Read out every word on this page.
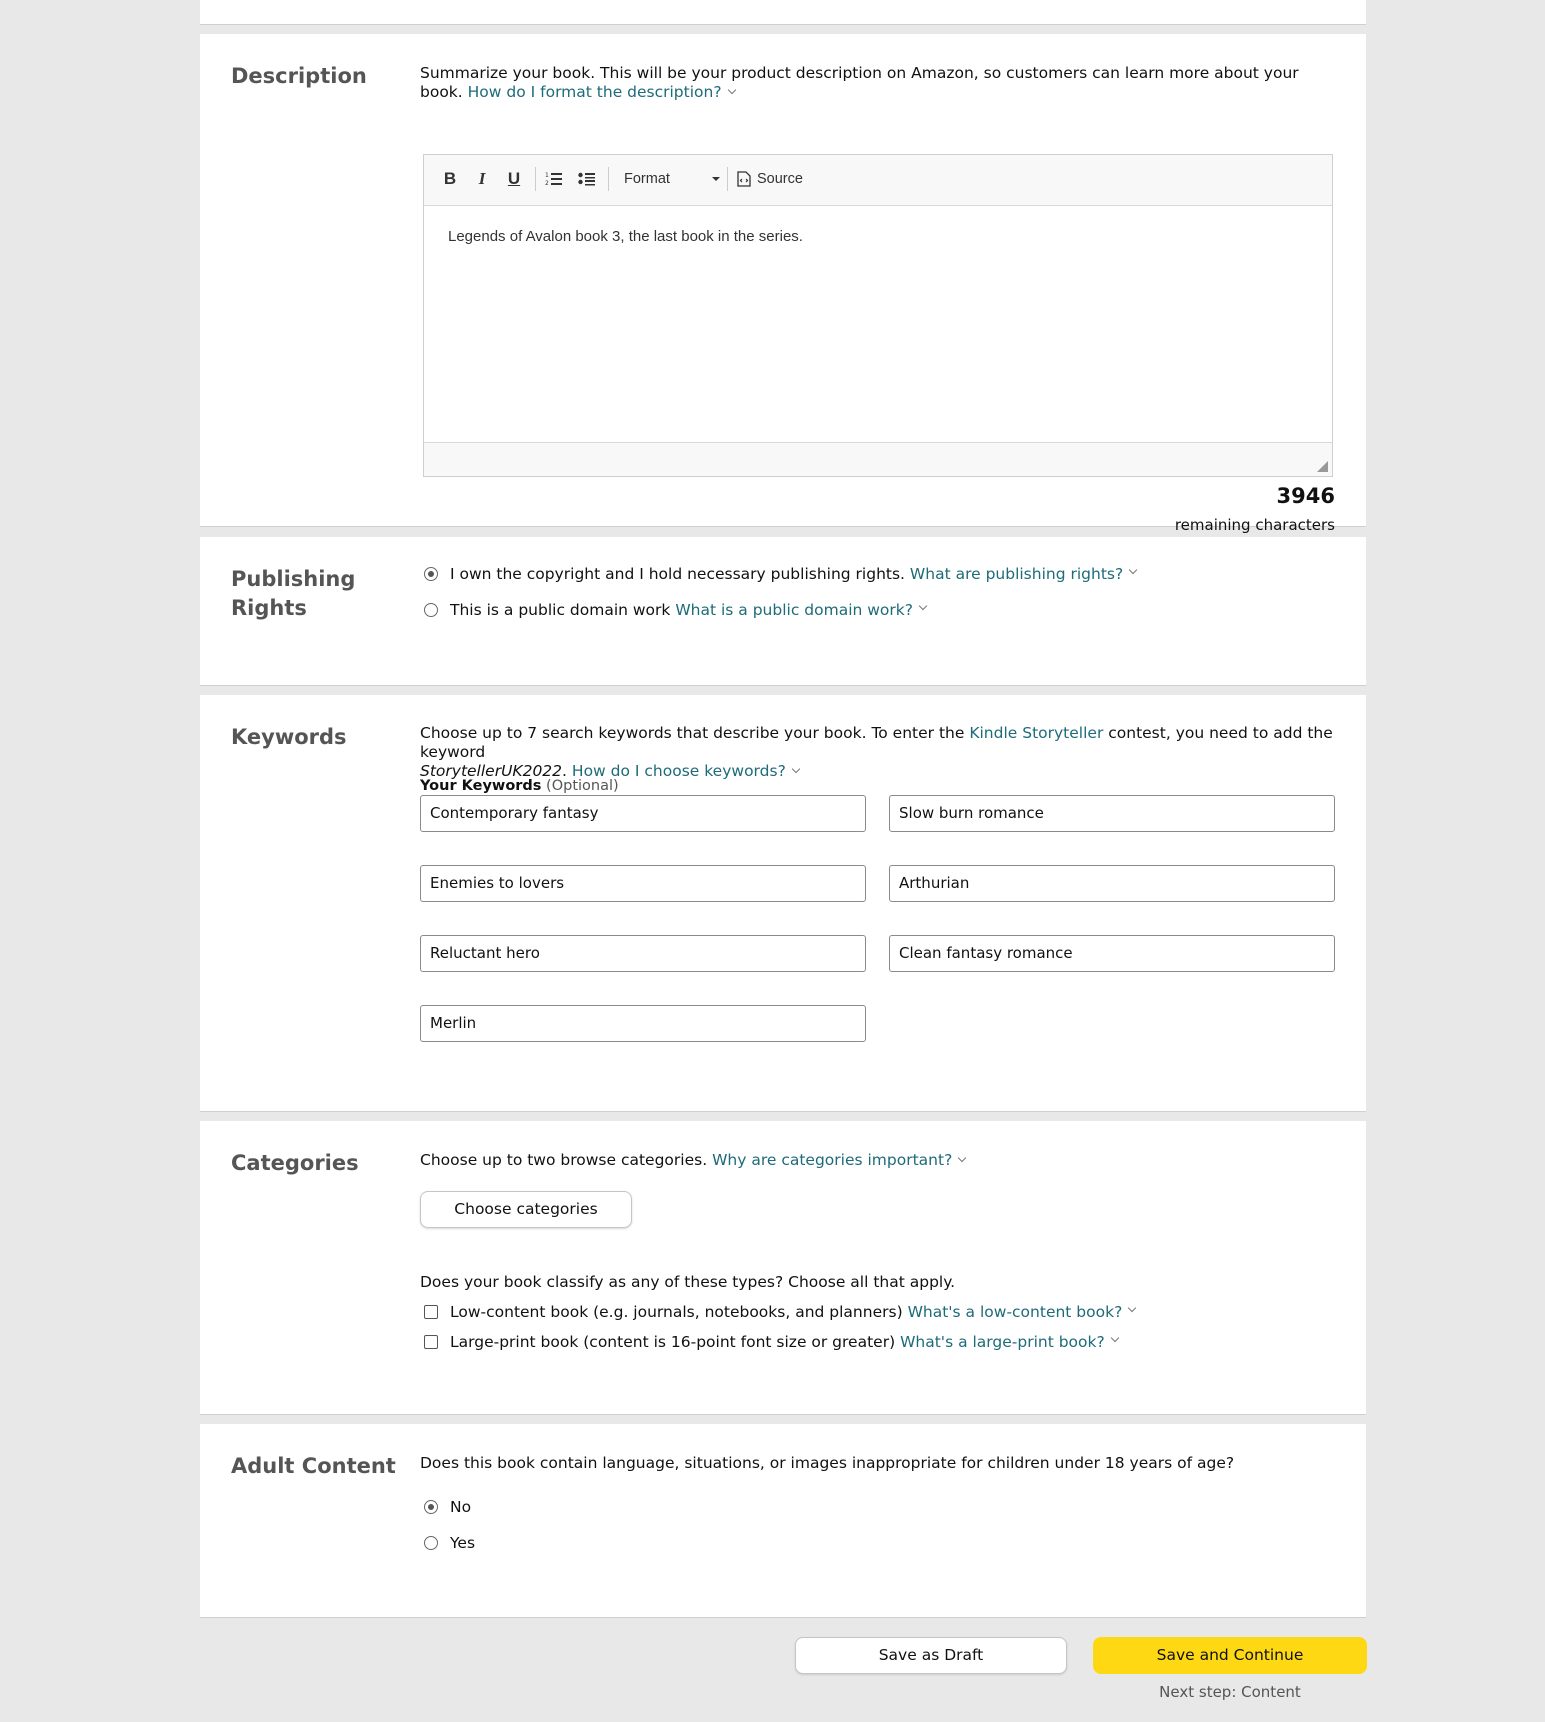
Description	Summarize your book. This will be your product description on Amazon, so customers can learn more about your book. How do I format the description?

B I U	1
2	Format	Source
Legends of Avalon book 3, the last book in the series.
3946
remaining characters
Publishing Rights
I own the copyright and I hold necessary publishing rights.
What are publishing rights?
This is a public domain work
What is a public domain work?
Keywords	Choose up to 7 search keywords that describe your book. To enter the Kindle Storyteller contest, you need to add the keyword
StorytellerUK2022. How do I choose keywords?

Your Keywords (Optional)
Contemporary fantasy	Slow burn romance
Enemies to lovers	Arthurian
Reluctant hero	Clean fantasy romance
Merlin
Categories	Choose up to two browse categories. Why are categories important?

Choose categories

Does your book classify as any of these types? Choose all that apply.

Low-content book (e.g. journals, notebooks, and planners)
What's a low-content book?
Large-print book (content is 16-point font size or greater)
What's a large-print book?
Adult Content	Does this book contain language, situations, or images inappropriate for children under 18 years of age?

No
Yes
Save as Draft	Save and Continue
Next step: Content
